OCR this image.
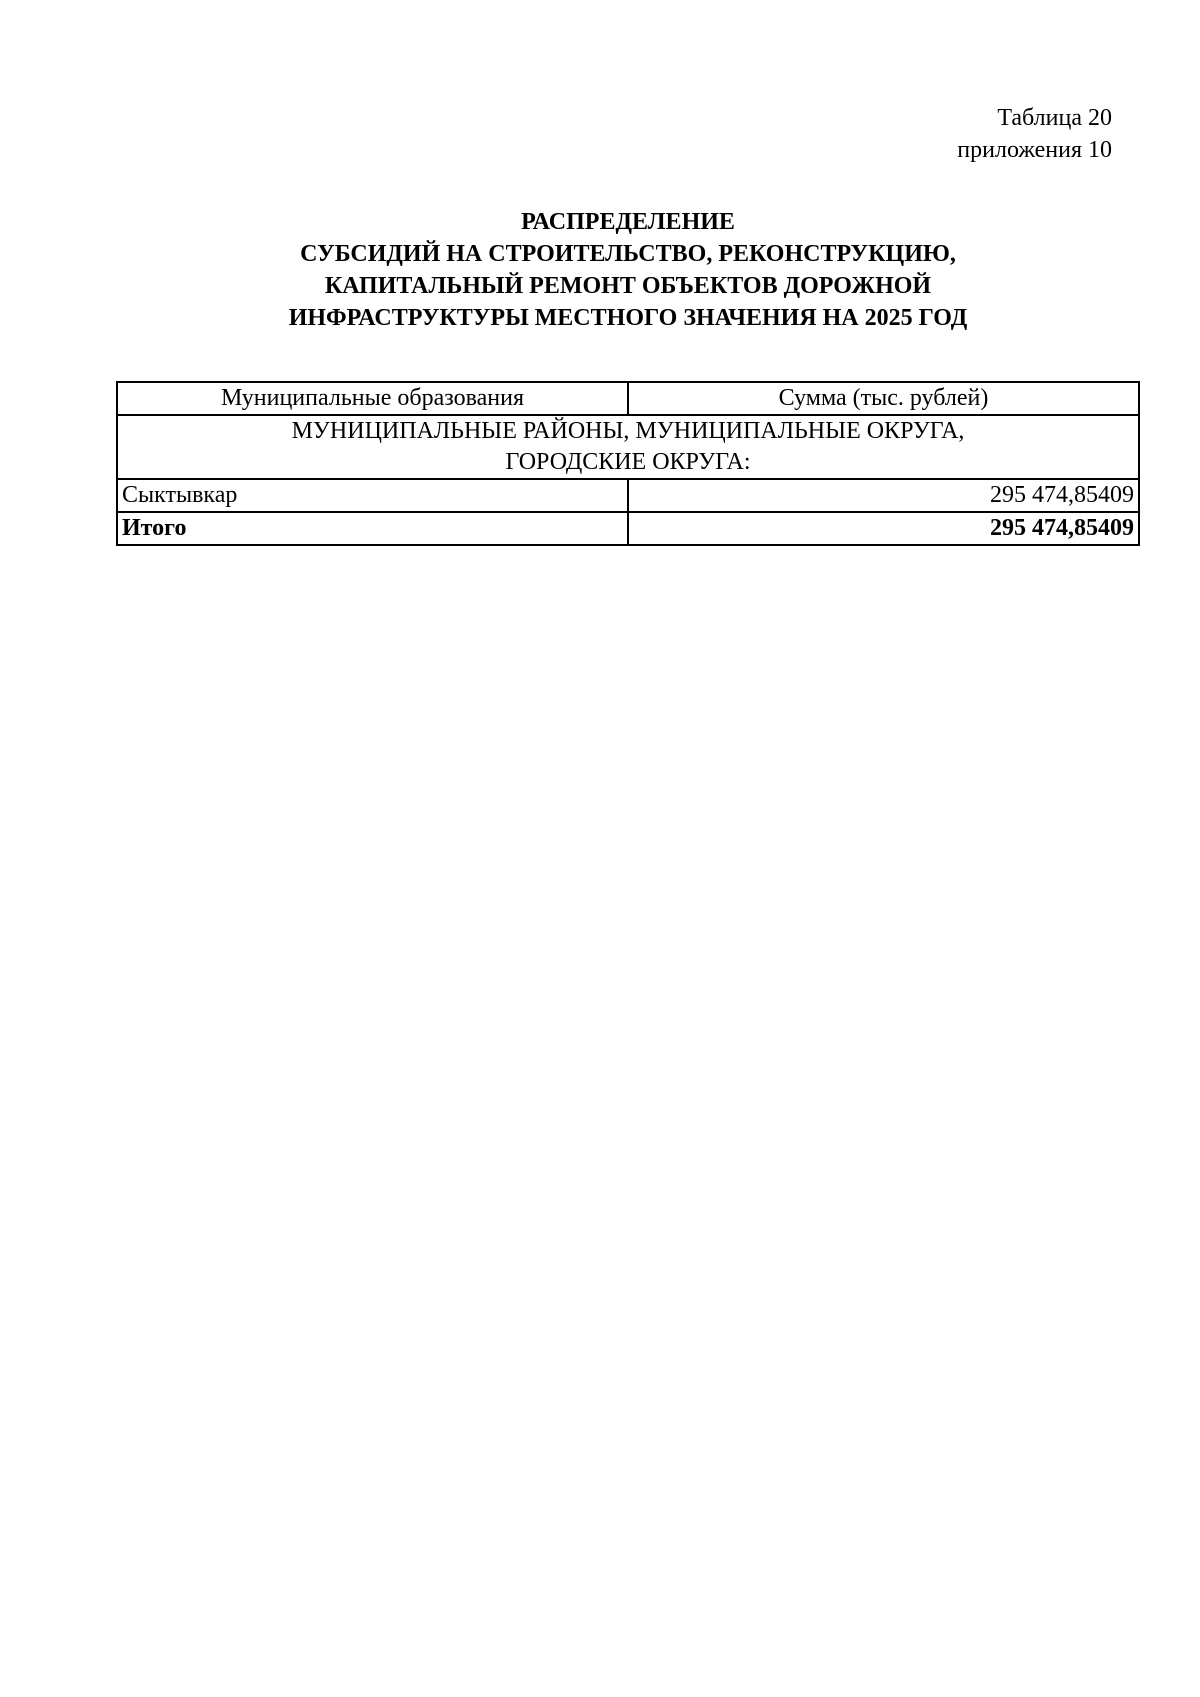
Таблица 20
приложения 10
РАСПРЕДЕЛЕНИЕ
СУБСИДИЙ НА СТРОИТЕЛЬСТВО, РЕКОНСТРУКЦИЮ,
КАПИТАЛЬНЫЙ РЕМОНТ ОБЪЕКТОВ ДОРОЖНОЙ
ИНФРАСТРУКТУРЫ МЕСТНОГО ЗНАЧЕНИЯ НА 2025 ГОД
Муниципальные образования	Сумма (тыс. рублей)

МУНИЦИПАЛЬНЫЕ РАЙОНЫ, МУНИЦИПАЛЬНЫЕ ОКРУГА,
ГОРОДСКИЕ ОКРУГА:	

Сыктывкар	295 474,85409
Итого	295 474,85409
